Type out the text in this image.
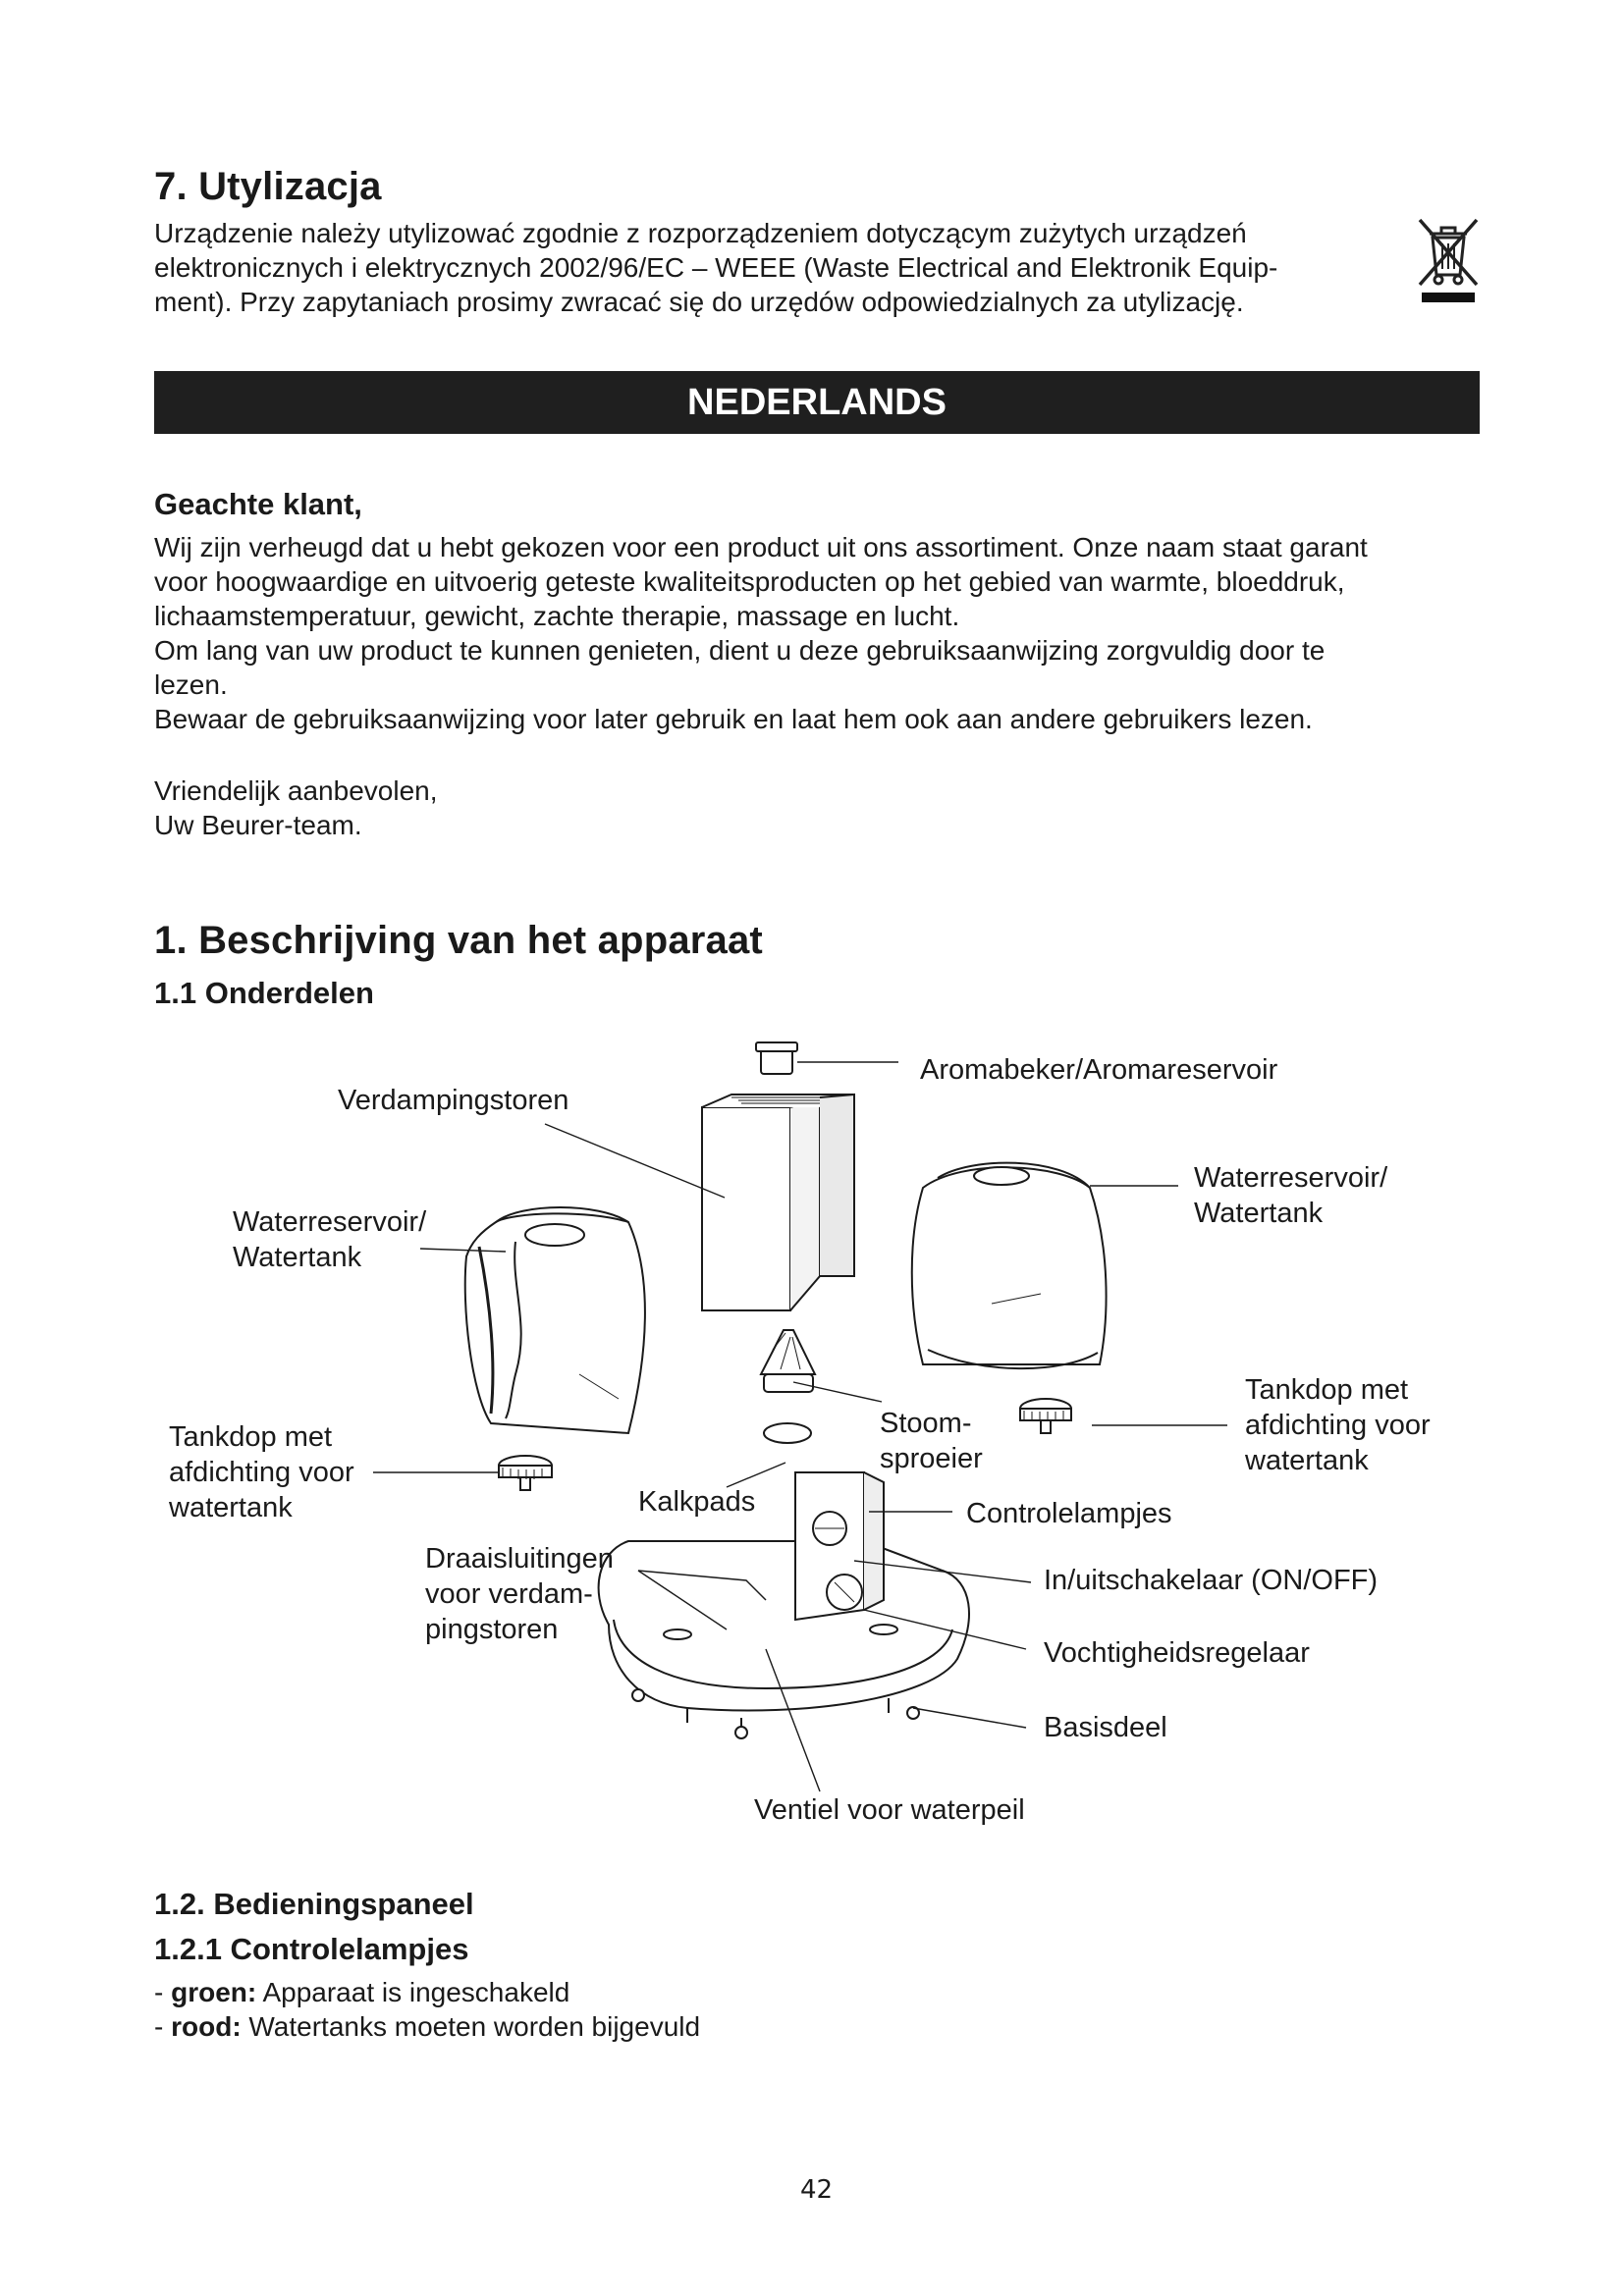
7. Utylizacja
Urządzenie należy utylizować zgodnie z rozporządzeniem dotyczącym zużytych urządzeń
elektronicznych i elektrycznych 2002/96/EC – WEEE (Waste Electrical and Elektronik Equip-
ment). Przy zapytaniach prosimy zwracać się do urzędów odpowiedzialnych za utylizację.
NEDERLANDS
Geachte klant,
Wij zijn verheugd dat u hebt gekozen voor een product uit ons assortiment. Onze naam staat garant
voor hoogwaardige en uitvoerig geteste kwaliteitsproducten op het gebied van warmte, bloeddruk,
lichaamstemperatuur, gewicht, zachte therapie, massage en lucht.
Om lang van uw product te kunnen genieten, dient u deze gebruiksaanwijzing zorgvuldig door te
lezen.
Bewaar de gebruiksaanwijzing voor later gebruik en laat hem ook aan andere gebruikers lezen.
Vriendelijk aanbevolen,
Uw Beurer-team.
1. Beschrijving van het apparaat
1.1 Onderdelen
Verdampingstoren
Aromabeker/Aromareservoir
Waterreservoir/
Watertank
Waterreservoir/
Watertank
Tankdop met
afdichting voor
watertank
Tankdop met
afdichting voor
watertank
Stoom-
sproeier
Kalkpads	Controlelampjes
Draaisluitingen
voor verdam-
pingstoren
In/uitschakelaar (ON/OFF)
Vochtigheidsregelaar
Basisdeel
Ventiel voor waterpeil
1.2. Bedieningspaneel
1.2.1 Controlelampjes
- groen: Apparaat is ingeschakeld
- rood: Watertanks moeten worden bijgevuld
42
